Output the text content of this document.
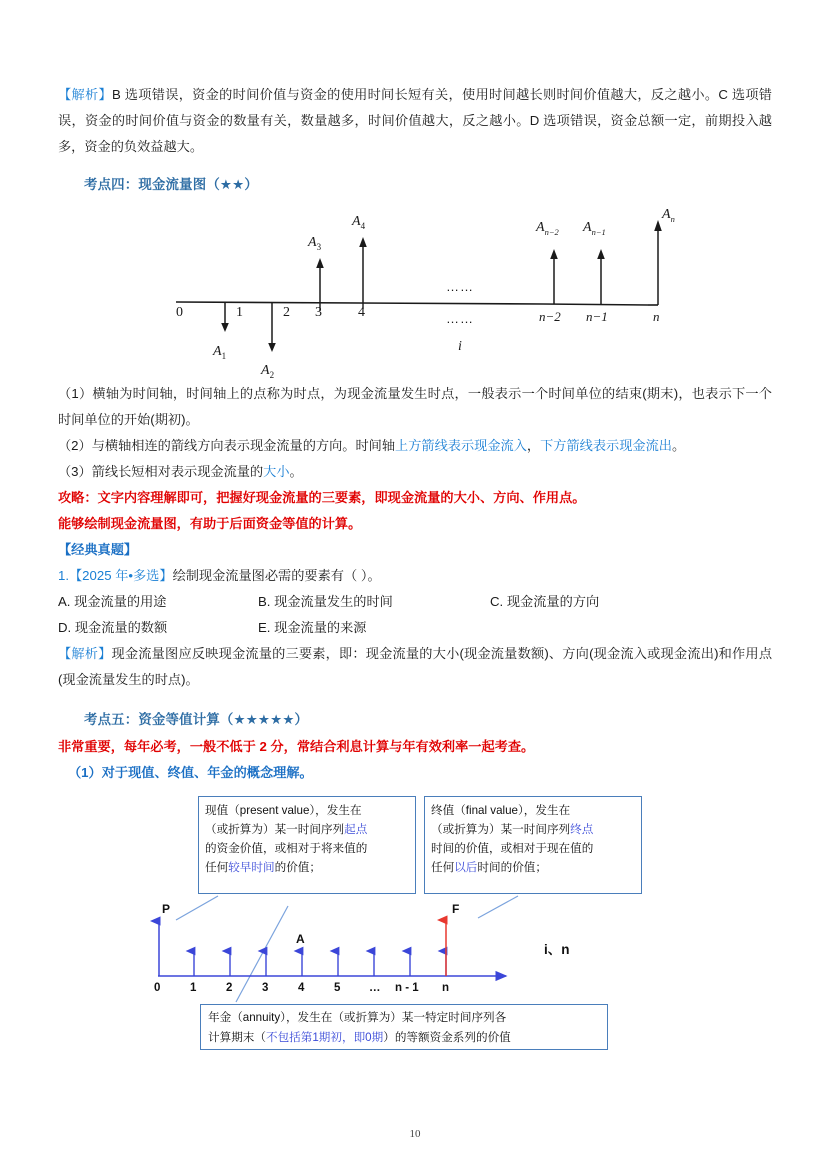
【解析】B 选项错误，资金的时间价值与资金的使用时间长短有关，使用时间越长则时间价值越大，反之越小。C 选项错误，资金的时间价值与资金的数量有关，数量越多，时间价值越大，反之越小。D 选项错误，资金总额一定，前期投入越多，资金的负效益越大。

考点四：现金流量图（★★）
$A_3$
$A_4$	$A_{n-2}$ $A_{n-1}$
$A_n$
$A_1$
$A_2$
0	1	2 3	4	n−2 n−1	n
……
……
i

（1）横轴为时间轴，时间轴上的点称为时点，为现金流量发生时点，一般表示一个时间单位的结束(期末)，也表示下一个时间单位的开始(期初)。

（2）与横轴相连的箭线方向表示现金流量的方向。时间轴上方箭线表示现金流入，下方箭线表示现金流出。

（3）箭线长短相对表示现金流量的大小。

攻略：文字内容理解即可，把握好现金流量的三要素，即现金流量的大小、方向、作用点。

能够绘制现金流量图，有助于后面资金等值的计算。

【经典真题】

1.【2025 年•多选】绘制现金流量图必需的要素有（ ）。

A. 现金流量的用途	B. 现金流量发生的时间	C. 现金流量的方向
D. 现金流量的数额	E. 现金流量的来源

【解析】现金流量图应反映现金流量的三要素，即：现金流量的大小(现金流量数额)、方向(现金流入或现金流出)和作用点(现金流量发生的时点)。

考点五：资金等值计算（★★★★★）

非常重要，每年必考，一般不低于 2 分，常结合利息计算与年有效利率一起考查。

（1）对于现值、终值、年金的概念理解。

现值（present value），发生在
（或折算为）某一时间序列起点
的资金价值，或相对于将来值的
任何较早时间的价值；
终值（final value），发生在
（或折算为）某一时间序列终点
时间的价值，或相对于现在值的
任何以后时间的价值；
年金（annuity），发生在（或折算为）某一特定时间序列各
计算期末（不包括第1期初，即0期）的等额资金系列的价值
P	F
A
i、n
0	1	2	3	4	5 … n - 1 n
10
